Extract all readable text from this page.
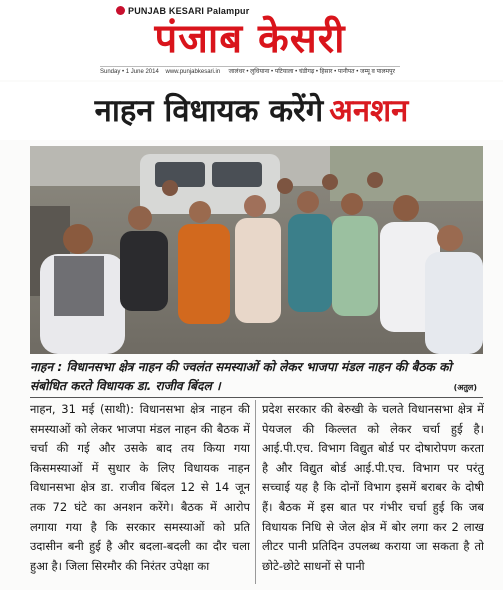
PUNJAB KESARI Palampur
पंजाब केसरी
Sunday • 1 June 2014 www.punjabkesari.in जालंधर • लुधियाना • पटियाला • चंडीगढ़ • हिसार • पानीपत • जम्मू व पालमपुर
नाहन विधायक करेंगे अनशन
नाहन : विधानसभा क्षेत्र नाहन की ज्वलंत समस्याओं को लेकर भाजपा मंडल नाहन की बैठक को संबोधित करते विधायक डा. राजीव बिंदल ।	(अतुल)
नाहन, 31 मई (साथी): विधानसभा क्षेत्र नाहन की समस्याओं को लेकर भाजपा मंडल नाहन की बैठक में चर्चा की गई और उसके बाद तय किया गया किसमस्याओं में सुधार के लिए विधायक नाहन विधानसभा क्षेत्र डा. राजीव बिंदल 12 से 14 जून तक 72 घंटे का अनशन करेंगे। बैठक में आरोप लगाया गया है कि सरकार समस्याओं को प्रति उदासीन बनी हुई है और बदला-बदली का दौर चला हुआ है। जिला सिरमौर की निरंतर उपेक्षा का
प्रदेश सरकार की बेरुखी के चलते विधानसभा क्षेत्र में पेयजल की किल्लत को लेकर चर्चा हुई है। आई.पी.एच. विभाग विद्युत बोर्ड पर दोषारोपण करता है और विद्युत बोर्ड आई.पी.एच. विभाग पर परंतु सच्चाई यह है कि दोनों विभाग इसमें बराबर के दोषी हैं। बैठक में इस बात पर गंभीर चर्चा हुई कि जब विधायक निधि से जेल क्षेत्र में बोर लगा कर 2 लाख लीटर पानी प्रतिदिन उपलब्ध कराया जा सकता है तो छोटे-छोटे साधनों से पानी
